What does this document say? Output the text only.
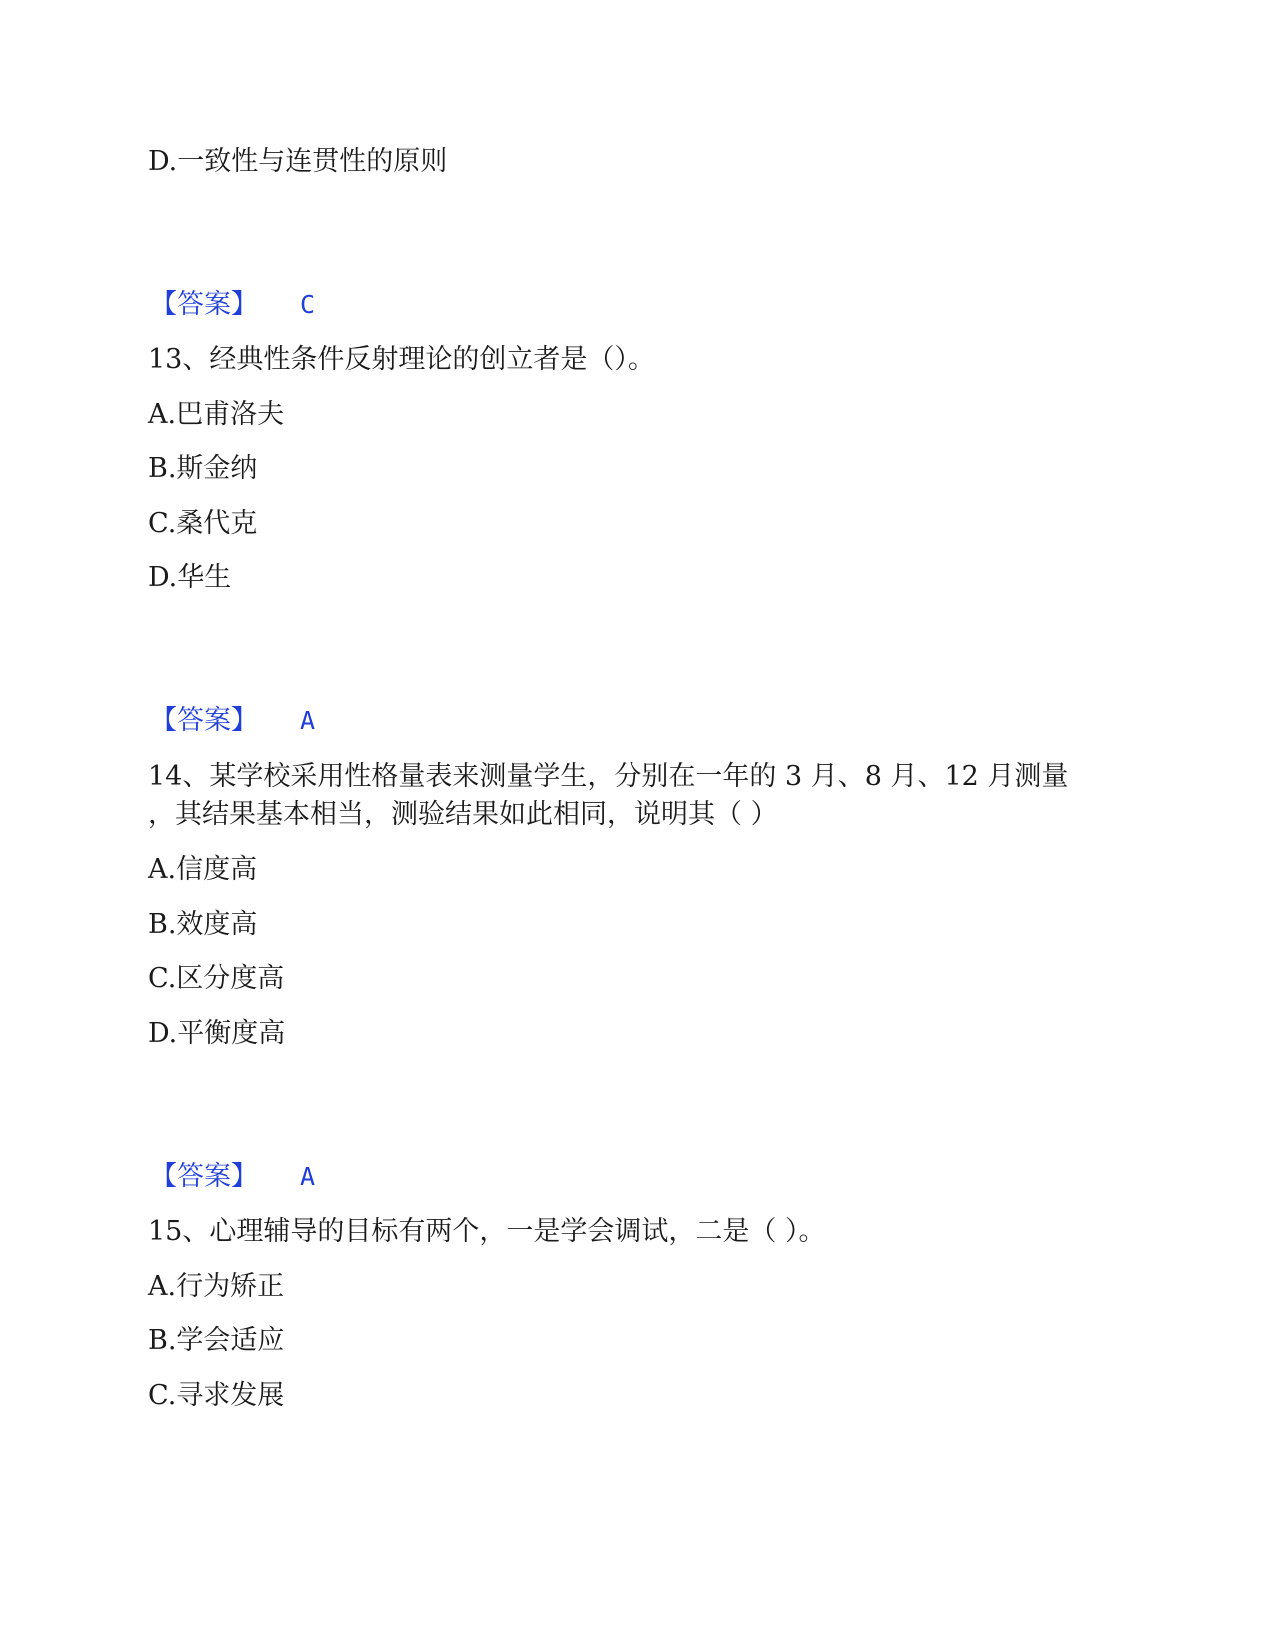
D.一致性与连贯性的原则
【答案】 C
13、经典性条件反射理论的创立者是（）。
A.巴甫洛夫
B.斯金纳
C.桑代克
D.华生
【答案】 A
14、某学校采用性格量表来测量学生，分别在一年的 3 月、8 月、12 月测量
，其结果基本相当，测验结果如此相同，说明其（ ）
A.信度高
B.效度高
C.区分度高
D.平衡度高
【答案】 A
15、心理辅导的目标有两个，一是学会调试，二是（ ）。
A.行为矫正
B.学会适应
C.寻求发展
